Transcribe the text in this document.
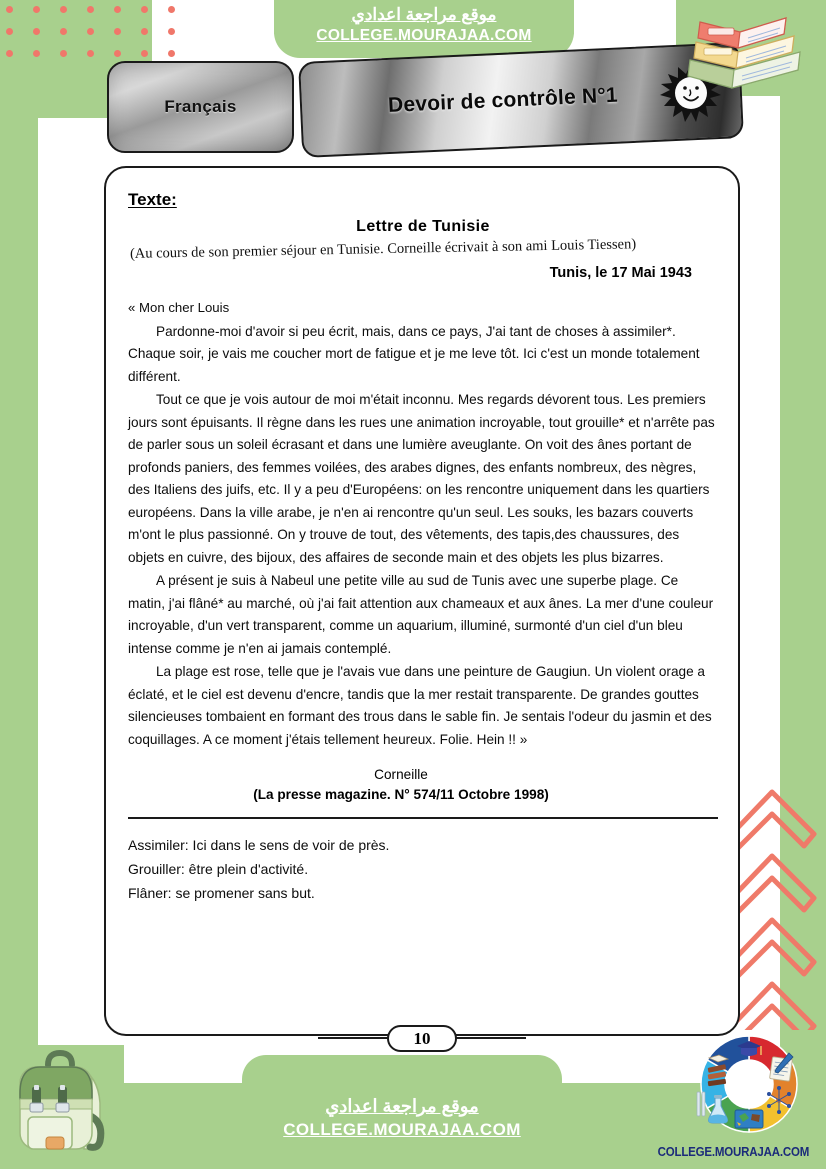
Français	Devoir de contrôle N°1
Texte:
Lettre de Tunisie
(Au cours de son premier séjour en Tunisie. Corneille écrivait à son ami Louis Tiessen)
Tunis, le 17 Mai 1943

« Mon cher Louis

Pardonne-moi d'avoir si peu écrit, mais, dans ce pays, J'ai tant de choses à assimiler*. Chaque soir, je vais me coucher mort de fatigue et je me leve tôt. Ici c'est un monde totalement différent.

Tout ce que je vois autour de moi m'était inconnu. Mes regards dévorent tous. Les premiers jours sont épuisants. Il règne dans les rues une animation incroyable, tout grouille* et n'arrête pas de parler sous un soleil écrasant et dans une lumière aveuglante. On voit des ânes portant de profonds paniers, des femmes voilées, des arabes dignes, des enfants nombreux, des nègres, des Italiens des juifs, etc. Il y a peu d'Européens: on les rencontre uniquement dans les quartiers européens. Dans la ville arabe, je n'en ai rencontre qu'un seul. Les souks, les bazars couverts m'ont le plus passionné. On y trouve de tout, des vêtements, des tapis,des chaussures, des objets en cuivre, des bijoux, des affaires de seconde main et des objets les plus bizarres.

A présent je suis à Nabeul une petite ville au sud de Tunis avec une superbe plage. Ce matin, j'ai flâné* au marché, où j'ai fait attention aux chameaux et aux ânes. La mer d'une couleur incroyable, d'un vert transparent, comme un aquarium, illuminé, surmonté d'un ciel d'un bleu intense comme je n'en ai jamais contemplé.

La plage est rose, telle que je l'avais vue dans une peinture de Gaugiun. Un violent orage a éclaté, et le ciel est devenu d'encre, tandis que la mer restait transparente. De grandes gouttes silencieuses tombaient en formant des trous dans le sable fin. Je sentais l'odeur du jasmin et des coquillages. A ce moment j'étais tellement heureux. Folie. Hein !! »

Corneille
(La presse magazine. N° 574/11 Octobre 1998)
Assimiler: Ici dans le sens de voir de près.
Grouiller: être plein d'activité.
Flâner: se promener sans but.
10
موقع مراجعة اعدادي
COLLEGE.MOURAJAA.COM
موقع مراجعة اعدادي
COLLEGE.MOURAJAA.COM
COLLEGE.MOURAJAA.COM
